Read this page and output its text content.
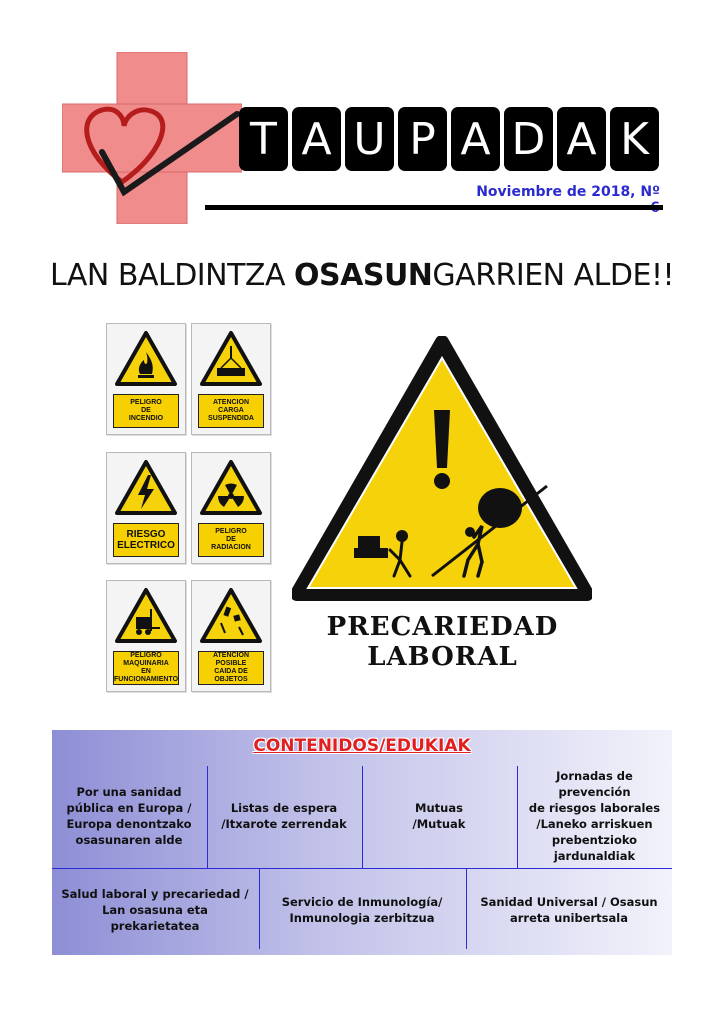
T A U P A D A K
Noviembre de 2018, Nº
LAN BALDINTZA OSASUNGARRIEN ALDE!!
PELIGRO
DE
INCENDIO
ATENCION
CARGA
SUSPENDIDA
RIESGO
ELECTRICO
PELIGRO
DE
RADIACION
PELIGRO
MAQUINARIA
EN FUNCIONAMIENTO
ATENCION
POSIBLE
CAIDA DE OBJETOS
PRECARIEDAD
LABORAL
CONTENIDOS/EDUKIAK
Por una sanidad
pública en Europa /
Europa denontzako
osasunaren alde
Listas de espera
/Itxarote zerrendak
Mutuas
/Mutuak
Jornadas de prevención
de riesgos laborales
/Laneko arriskuen
prebentzioko
jardunaldiak
Salud laboral y precariedad /
Lan osasuna eta
prekarietatea
Servicio de Inmunología/
Inmunologia zerbitzua
Sanidad Universal / Osasun
arreta unibertsala
